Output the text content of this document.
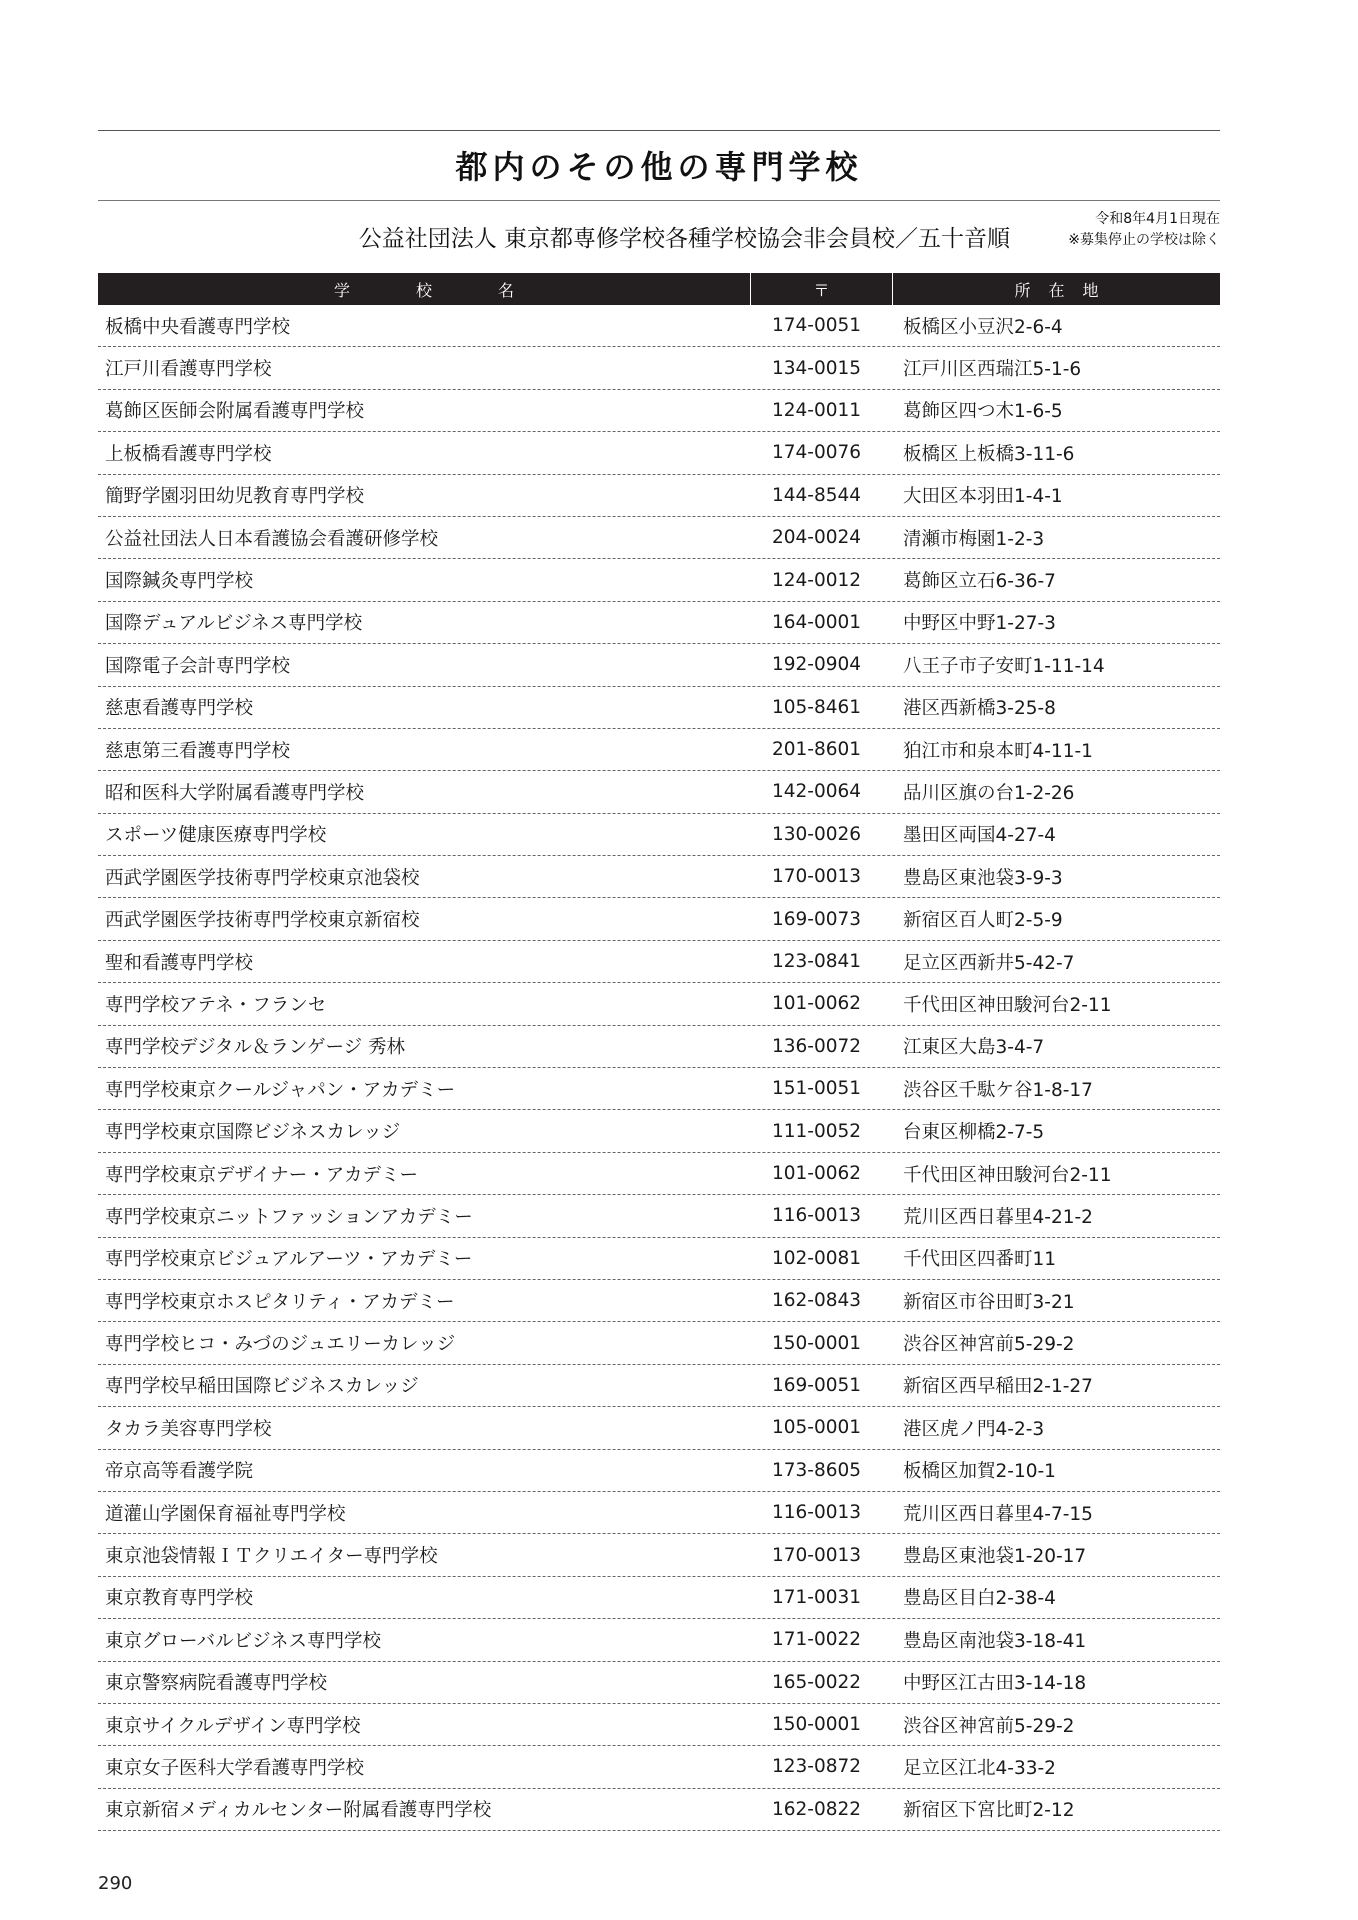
都内のその他の専門学校
公益社団法人 東京都専修学校各種学校協会非会員校／五十音順
令和8年4月1日現在
※募集停止の学校は除く
学校名	〒	所在地
板橋中央看護専門学校	174-0051	板橋区小豆沢2-6-4
江戸川看護専門学校	134-0015	江戸川区西瑞江5-1-6
葛飾区医師会附属看護専門学校	124-0011	葛飾区四つ木1-6-5
上板橋看護専門学校	174-0076	板橋区上板橋3-11-6
簡野学園羽田幼児教育専門学校	144-8544	大田区本羽田1-4-1
公益社団法人日本看護協会看護研修学校	204-0024	清瀬市梅園1-2-3
国際鍼灸専門学校	124-0012	葛飾区立石6-36-7
国際デュアルビジネス専門学校	164-0001	中野区中野1-27-3
国際電子会計専門学校	192-0904	八王子市子安町1-11-14
慈恵看護専門学校	105-8461	港区西新橋3-25-8
慈恵第三看護専門学校	201-8601	狛江市和泉本町4-11-1
昭和医科大学附属看護専門学校	142-0064	品川区旗の台1-2-26
スポーツ健康医療専門学校	130-0026	墨田区両国4-27-4
西武学園医学技術専門学校東京池袋校	170-0013	豊島区東池袋3-9-3
西武学園医学技術専門学校東京新宿校	169-0073	新宿区百人町2-5-9
聖和看護専門学校	123-0841	足立区西新井5-42-7
専門学校アテネ・フランセ	101-0062	千代田区神田駿河台2-11
専門学校デジタル＆ランゲージ 秀林	136-0072	江東区大島3-4-7
専門学校東京クールジャパン・アカデミー	151-0051	渋谷区千駄ケ谷1-8-17
専門学校東京国際ビジネスカレッジ	111-0052	台東区柳橋2-7-5
専門学校東京デザイナー・アカデミー	101-0062	千代田区神田駿河台2-11
専門学校東京ニットファッションアカデミー	116-0013	荒川区西日暮里4-21-2
専門学校東京ビジュアルアーツ・アカデミー	102-0081	千代田区四番町11
専門学校東京ホスピタリティ・アカデミー	162-0843	新宿区市谷田町3-21
専門学校ヒコ・みづのジュエリーカレッジ	150-0001	渋谷区神宮前5-29-2
専門学校早稲田国際ビジネスカレッジ	169-0051	新宿区西早稲田2-1-27
タカラ美容専門学校	105-0001	港区虎ノ門4-2-3
帝京高等看護学院	173-8605	板橋区加賀2-10-1
道灌山学園保育福祉専門学校	116-0013	荒川区西日暮里4-7-15
東京池袋情報ＩＴクリエイター専門学校	170-0013	豊島区東池袋1-20-17
東京教育専門学校	171-0031	豊島区目白2-38-4
東京グローバルビジネス専門学校	171-0022	豊島区南池袋3-18-41
東京警察病院看護専門学校	165-0022	中野区江古田3-14-18
東京サイクルデザイン専門学校	150-0001	渋谷区神宮前5-29-2
東京女子医科大学看護専門学校	123-0872	足立区江北4-33-2
東京新宿メディカルセンター附属看護専門学校	162-0822	新宿区下宮比町2-12
290
